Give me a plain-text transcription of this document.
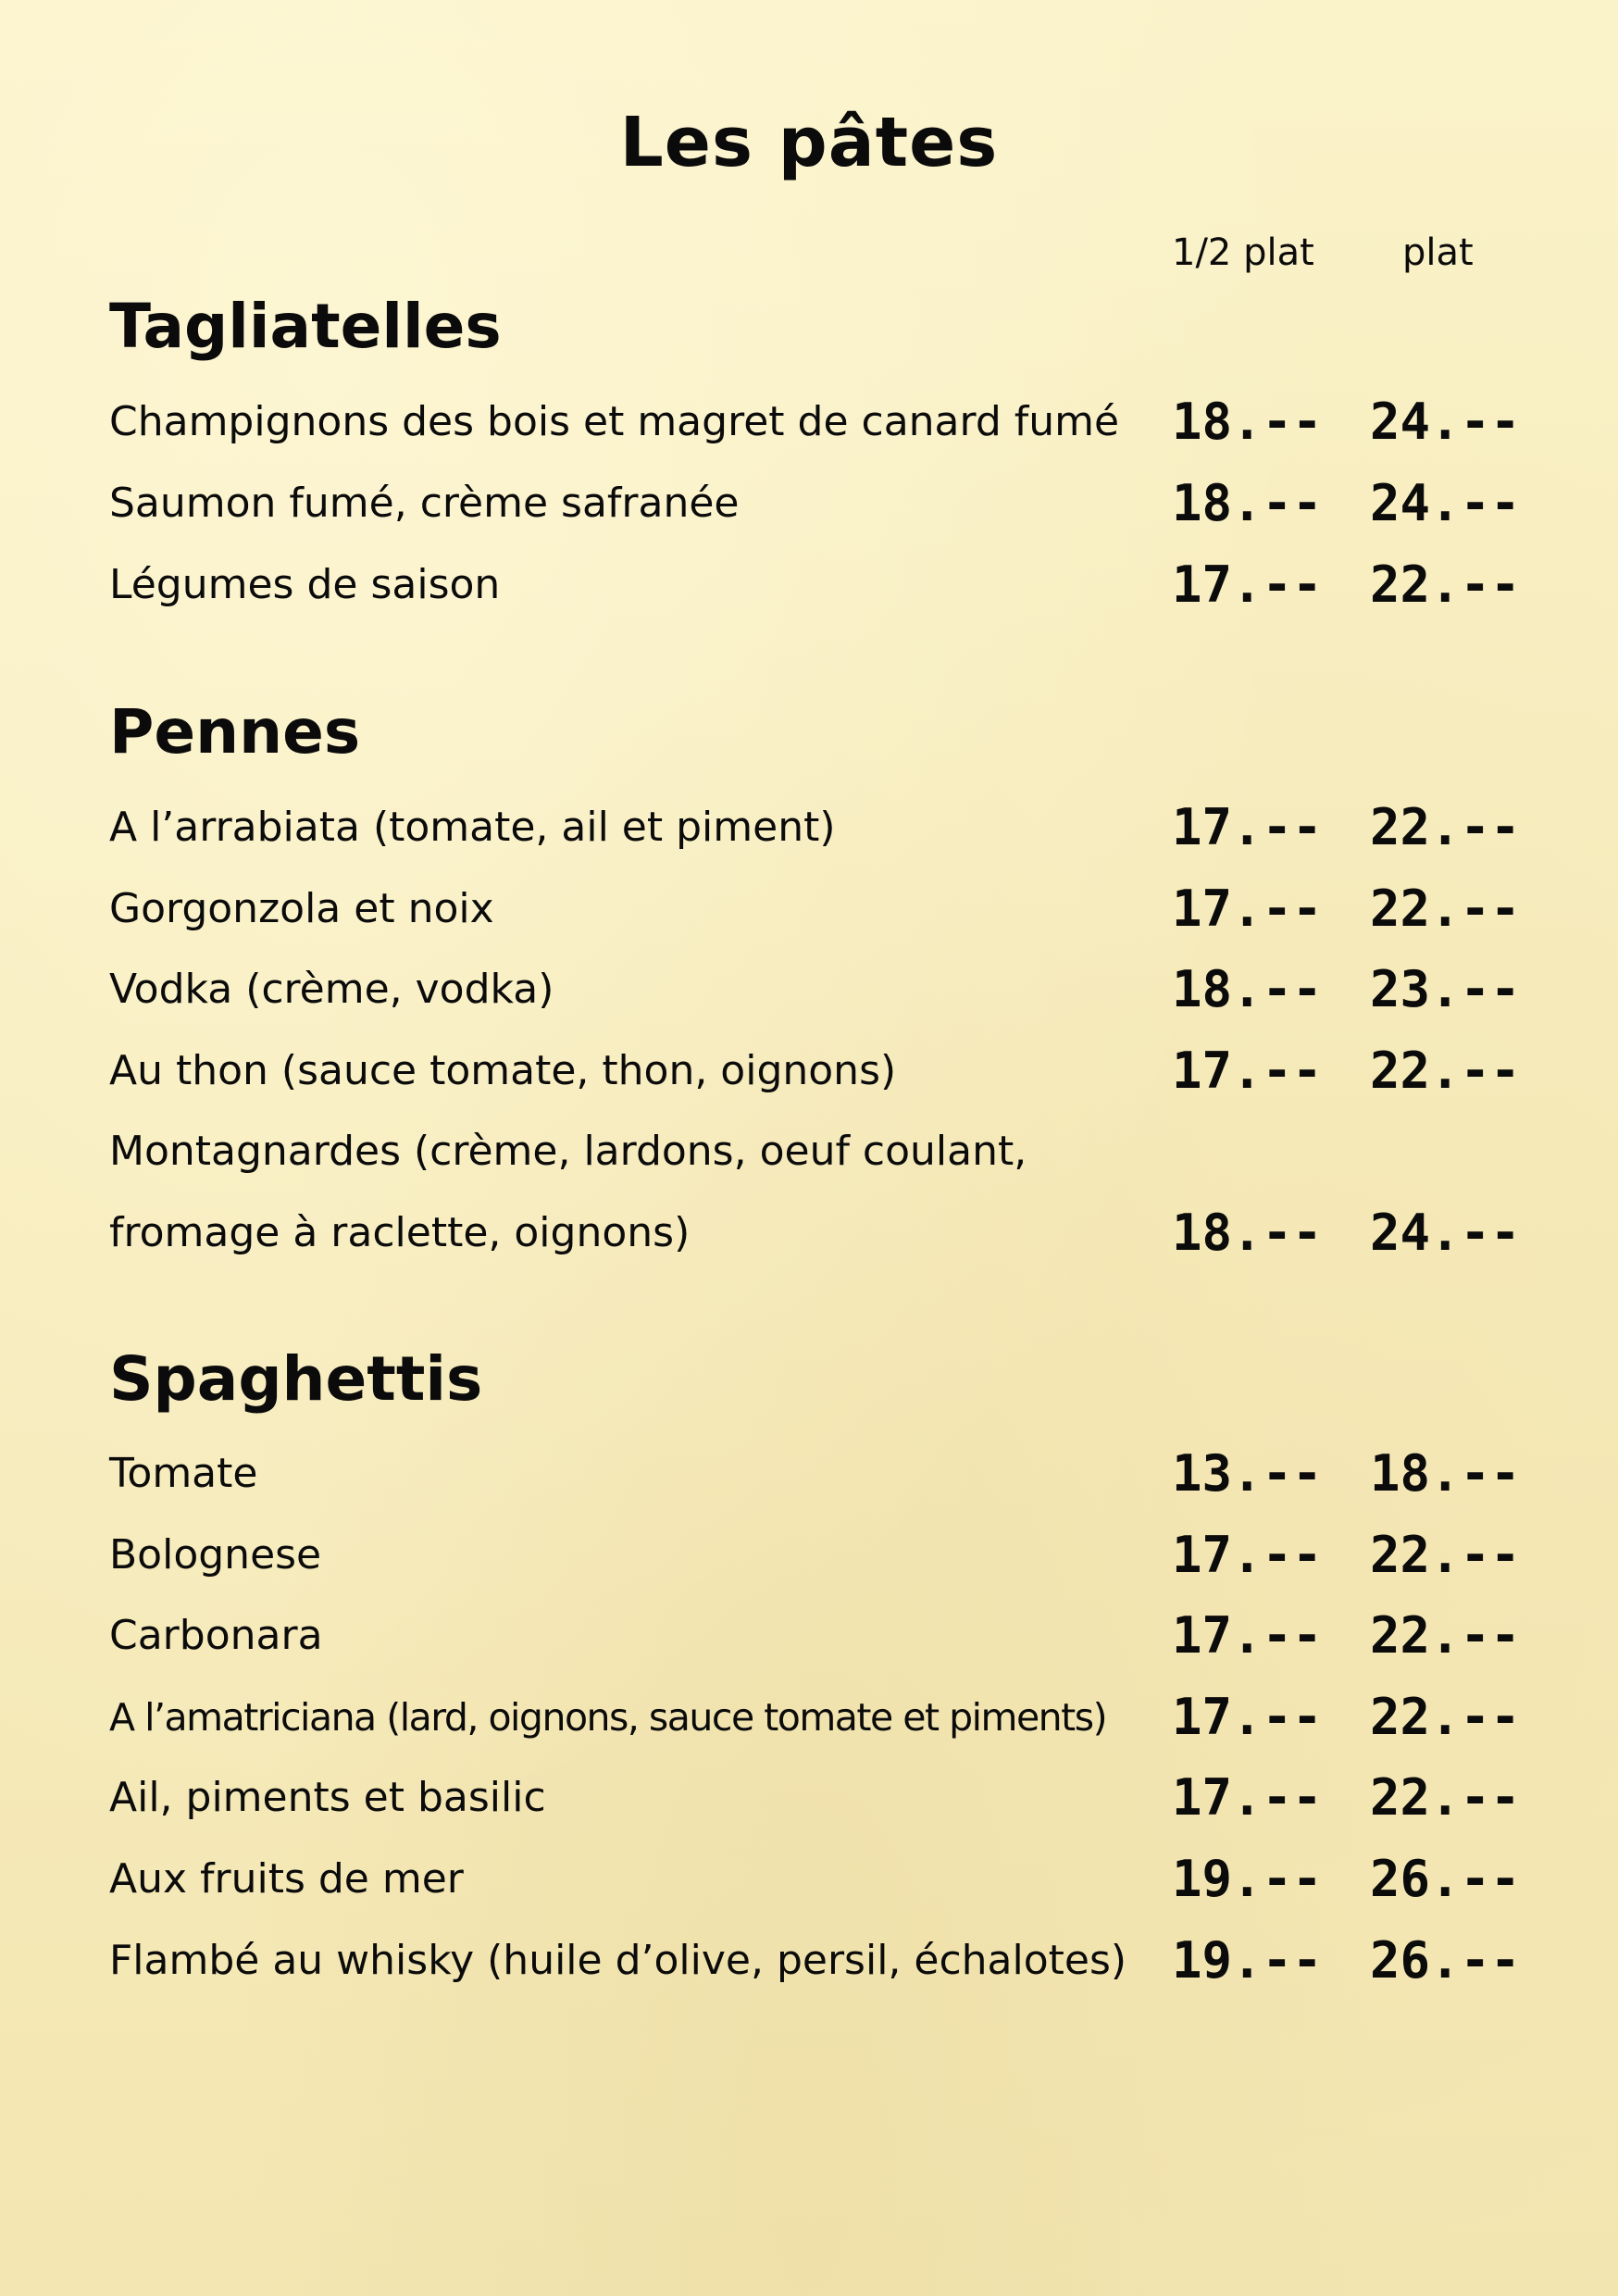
Les pâtes
1/2 plat plat
Tagliatelles
Champignons des bois et magret de canard fumé 18.-- 24.--
Saumon fumé, crème safranée	18.-- 24.--
Légumes de saison	17.-- 22.--
Pennes
A l’arrabiata (tomate, ail et piment)	17.-- 22.--
Gorgonzola et noix	17.-- 22.--
Vodka (crème, vodka)	18.-- 23.--
Au thon (sauce tomate, thon, oignons)	17.-- 22.--
Montagnardes (crème, lardons, oeuf coulant,
fromage à raclette, oignons)	18.-- 24.--
Spaghettis
Tomate	13.-- 18.--
Bolognese	17.-- 22.--
Carbonara	17.-- 22.--
A l’amatriciana (lard, oignons, sauce tomate et piments) 17.-- 22.--
Ail, piments et basilic	17.-- 22.--
Aux fruits de mer	19.-- 26.--
Flambé au whisky (huile d’olive, persil, échalotes) 19.-- 26.--
